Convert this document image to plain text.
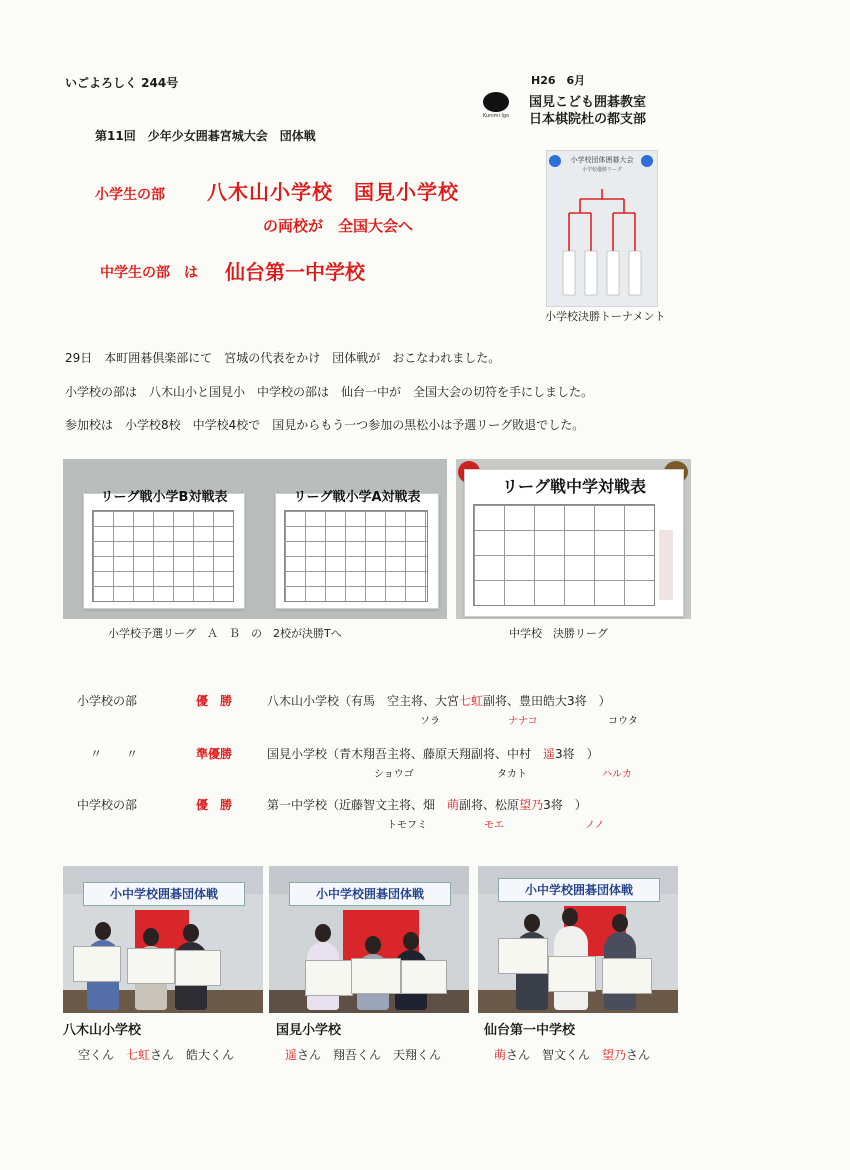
いごよろしく 244号
Kunimi Igo
H26　6月
国見こども囲碁教室
日本棋院杜の都支部
第11回　少年少女囲碁宮城大会　団体戦
小学生の部 八木山小学校　国見小学校
の両校が　全国大会へ
中学生の部　は 仙台第一中学校
小学校団体囲碁大会
小学校優勝リーグ
小学校決勝トーナメント
29日　本町囲碁倶楽部にて　宮城の代表をかけ　団体戦が　おこなわれました。
小学校の部は　八木山小と国見小　中学校の部は　仙台一中が　全国大会の切符を手にしました。
参加校は　小学校8校　中学校4校で　国見からもう一つ参加の黒松小は予選リーグ敗退でした。
リーグ戦小学B対戦表	リーグ戦小学A対戦表
リーグ戦中学対戦表
小学校予選リーグ　Ａ　Ｂ　の　2校が決勝Tへ	中学校　決勝リーグ
小学校の部	優　勝	八木山小学校（有馬　空主将、大宮七虹副将、豊田皓大3将　）
ソラ	ナナコ	コウタ
〃　　〃	準優勝	国見小学校（青木翔吾主将、藤原天翔副将、中村　遥3将　）
ショウゴ	タカト	ハルカ
中学校の部	優　勝	第一中学校（近藤智文主将、畑　萌副将、松原望乃3将　）
トモフミ	モエ	ノノ
小中学校囲碁団体戦	小中学校囲碁団体戦	小中学校囲碁団体戦
八木山小学校
空くん　七虹さん　皓大くん
国見小学校
遥さん　翔吾くん　天翔くん
仙台第一中学校
萌さん　智文くん　望乃さん
